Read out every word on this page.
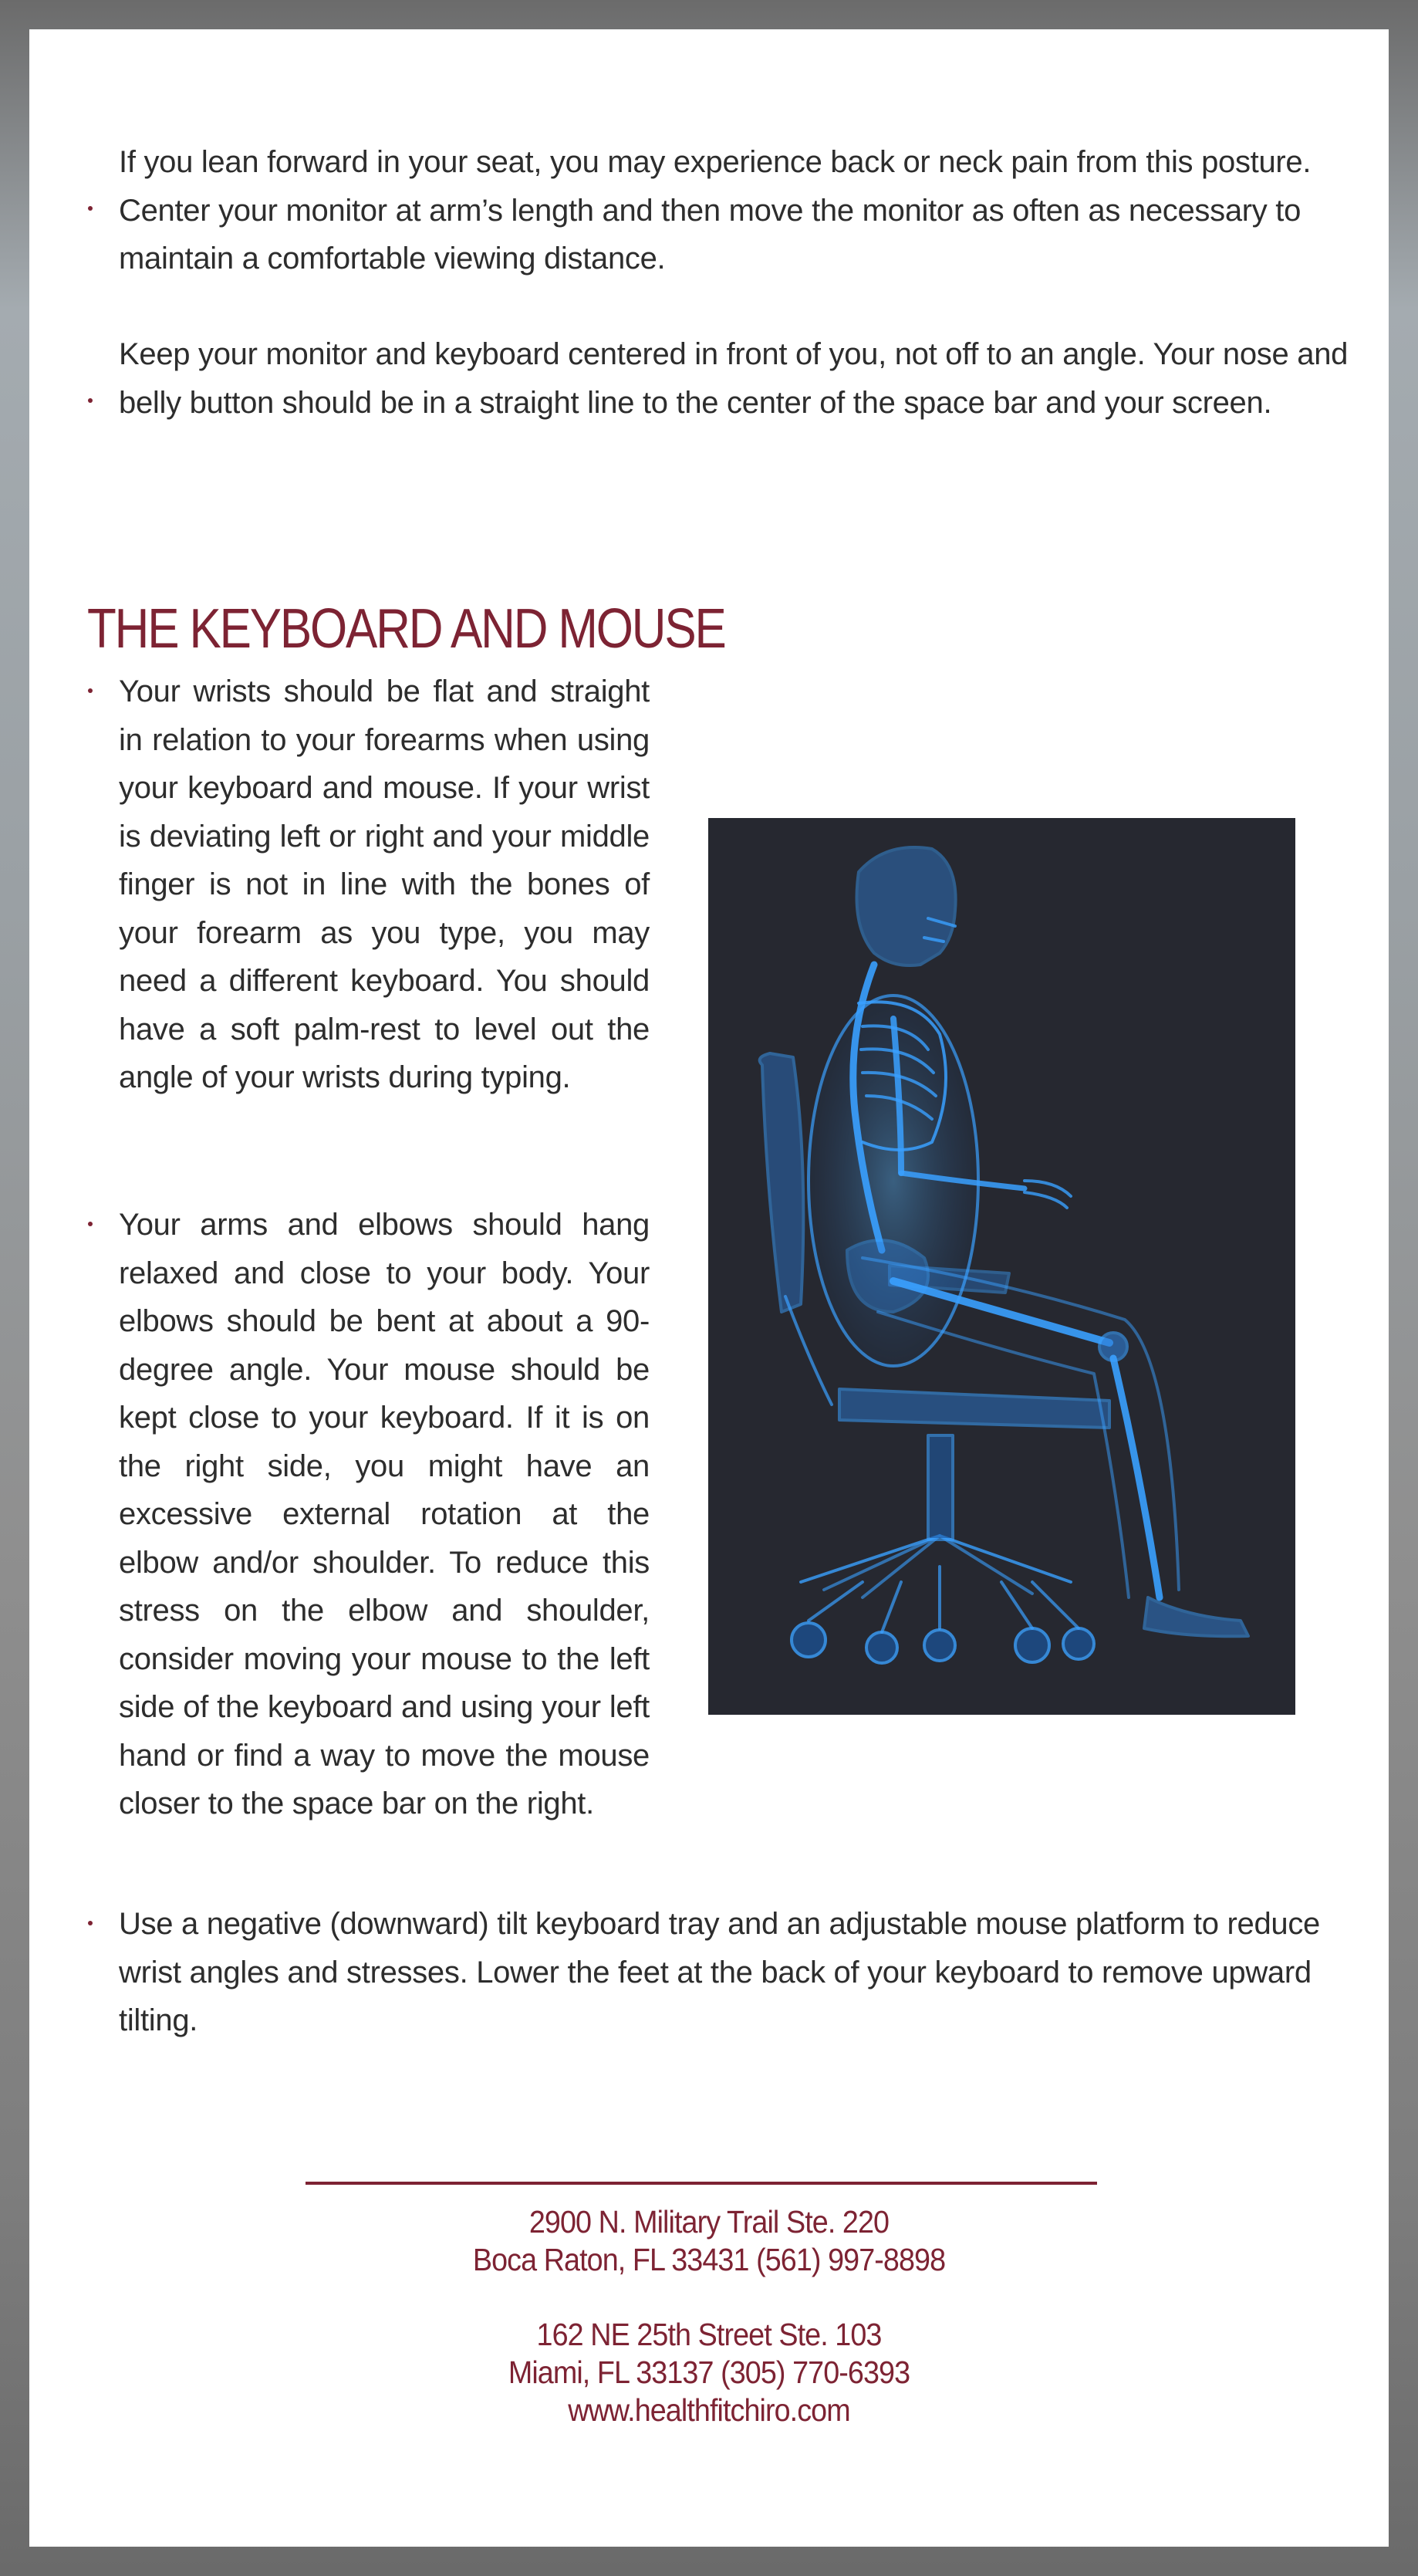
If you lean forward in your seat, you may experience back or neck pain from this posture. Center your monitor at arm’s length and then move the monitor as often as necessary to maintain a comfortable viewing distance.
Keep your monitor and keyboard centered in front of you, not off to an angle. Your nose and belly button should be in a straight line to the center of the space bar and your screen.
THE KEYBOARD AND MOUSE
Your wrists should be flat and straight in relation to your forearms when using your keyboard and mouse. If your wrist is deviating left or right and your middle finger is not in line with the bones of your forearm as you type, you may need a different keyboard. You should have a soft palm-rest to level out the angle of your wrists during typing.
Your arms and elbows should hang relaxed and close to your body. Your elbows should be bent at about a 90-degree angle. Your mouse should be kept close to your keyboard. If it is on the right side, you might have an excessive external rotation at the elbow and/or shoulder. To reduce this stress on the elbow and shoulder, consider moving your mouse to the left side of the keyboard and using your left hand or find a way to move the mouse closer to the space bar on the right.
Use a negative (downward) tilt keyboard tray and an adjustable mouse platform to reduce wrist angles and stresses. Lower the feet at the back of your keyboard to remove upward tilting.
2900 N. Military Trail Ste. 220
Boca Raton, FL 33431 (561) 997-8898
162 NE 25th Street Ste. 103
Miami, FL 33137 (305) 770-6393
www.healthfitchiro.com
